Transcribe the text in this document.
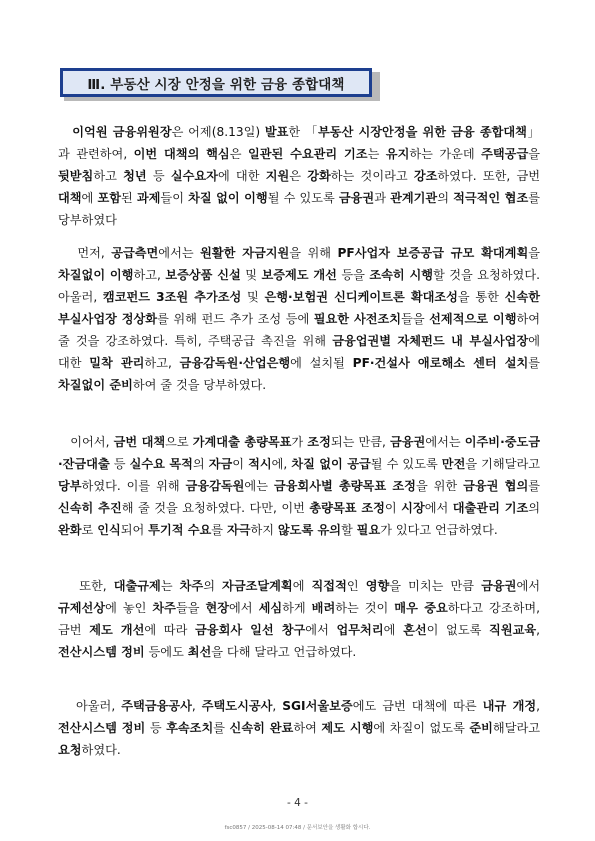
Ⅲ. 부동산 시장 안정을 위한 금융 종합대책
이억원 금융위원장은 어제(8.13일) 발표한 「부동산 시장안정을 위한 금융 종합대책」과 관련하여, 이번 대책의 핵심은 일관된 수요관리 기조는 유지하는 가운데 주택공급을 뒷받침하고 청년 등 실수요자에 대한 지원은 강화하는 것이라고 강조하였다. 또한, 금번 대책에 포함된 과제들이 차질 없이 이행될 수 있도록 금융권과 관계기관의 적극적인 협조를 당부하였다
먼저, 공급측면에서는 원활한 자금지원을 위해 PF사업자 보증공급 규모 확대계획을 차질없이 이행하고, 보증상품 신설 및 보증제도 개선 등을 조속히 시행할 것을 요청하였다. 아울러, 캠코펀드 3조원 추가조성 및 은행·보험권 신디케이트론 확대조성을 통한 신속한 부실사업장 정상화를 위해 펀드 추가 조성 등에 필요한 사전조치들을 선제적으로 이행하여 줄 것을 강조하였다. 특히, 주택공급 촉진을 위해 금융업권별 자체펀드 내 부실사업장에 대한 밀착 관리하고, 금융감독원·산업은행에 설치될 PF·건설사 애로해소 센터 설치를 차질없이 준비하여 줄 것을 당부하였다.
이어서, 금번 대책으로 가계대출 총량목표가 조정되는 만큼, 금융권에서는 이주비·중도금·잔금대출 등 실수요 목적의 자금이 적시에, 차질 없이 공급될 수 있도록 만전을 기해달라고 당부하였다. 이를 위해 금융감독원에는 금융회사별 총량목표 조정을 위한 금융권 협의를 신속히 추진해 줄 것을 요청하였다. 다만, 이번 총량목표 조정이 시장에서 대출관리 기조의 완화로 인식되어 투기적 수요를 자극하지 않도록 유의할 필요가 있다고 언급하였다.
또한, 대출규제는 차주의 자금조달계획에 직접적인 영향을 미치는 만큼 금융권에서 규제선상에 놓인 차주들을 현장에서 세심하게 배려하는 것이 매우 중요하다고 강조하며, 금번 제도 개선에 따라 금융회사 일선 창구에서 업무처리에 혼선이 없도록 직원교육, 전산시스템 정비 등에도 최선을 다해 달라고 언급하였다.
아울러, 주택금융공사, 주택도시공사, SGI서울보증에도 금번 대책에 따른 내규 개정, 전산시스템 정비 등 후속조치를 신속히 완료하여 제도 시행에 차질이 없도록 준비해달라고 요청하였다.
- 4 -
fsc0857 / 2025-08-14 07:48 / 문서보안을 생활화 합시다.
